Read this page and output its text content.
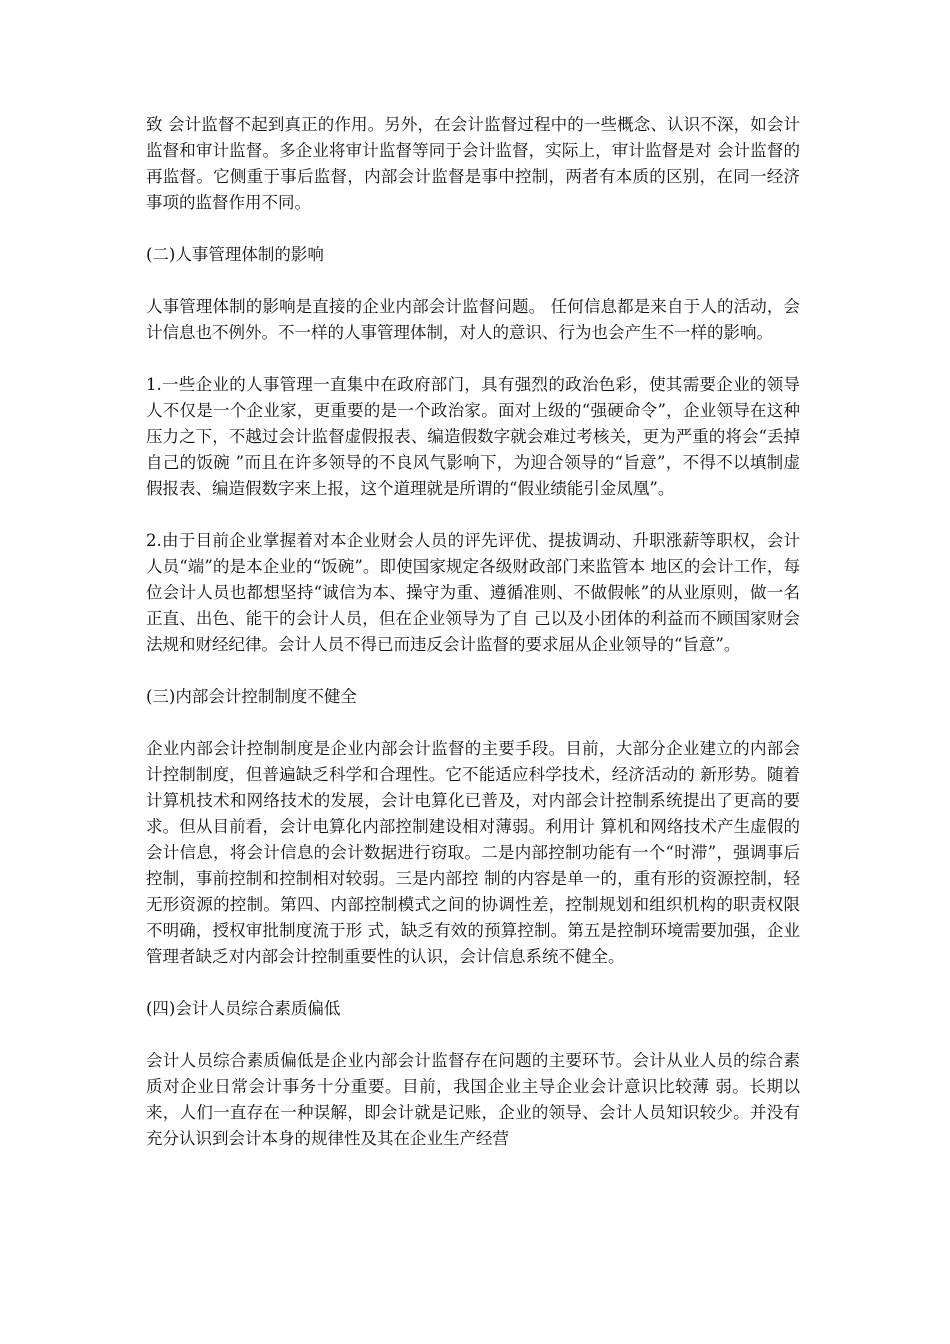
致 会计监督不起到真正的作用。另外，在会计监督过程中的一些概念、认识不深，如会计监督和审计监督。多企业将审计监督等同于会计监督，实际上，审计监督是对 会计监督的再监督。它侧重于事后监督，内部会计监督是事中控制，两者有本质的区别，在同一经济事项的监督作用不同。

(二)人事管理体制的影响

人事管理体制的影响是直接的企业内部会计监督问题。 任何信息都是来自于人的活动，会计信息也不例外。不一样的人事管理体制，对人的意识、行为也会产生不一样的影响。

1.一些企业的人事管理一直集中在政府部门，具有强烈的政治色彩，使其需要企业的领导人不仅是一个企业家，更重要的是一个政治家。面对上级的“强硬命令”，企业领导在这种压力之下，不越过会计监督虚假报表、编造假数字就会难过考核关，更为严重的将会“丢掉自己的饭碗 ”而且在许多领导的不良风气影响下，为迎合领导的“旨意”，不得不以填制虚假报表、编造假数字来上报，这个道理就是所谓的“假业绩能引金凤凰”。

2.由于目前企业掌握着对本企业财会人员的评先评优、提拔调动、升职涨薪等职权，会计人员“端”的是本企业的“饭碗”。即使国家规定各级财政部门来监管本 地区的会计工作，每位会计人员也都想坚持“诚信为本、操守为重、遵循准则、不做假帐”的从业原则，做一名正直、出色、能干的会计人员，但在企业领导为了自 己以及小团体的利益而不顾国家财会法规和财经纪律。会计人员不得已而违反会计监督的要求屈从企业领导的“旨意”。

(三)内部会计控制制度不健全

企业内部会计控制制度是企业内部会计监督的主要手段。目前，大部分企业建立的内部会计控制制度，但普遍缺乏科学和合理性。它不能适应科学技术，经济活动的 新形势。随着计算机技术和网络技术的发展，会计电算化已普及，对内部会计控制系统提出了更高的要求。但从目前看，会计电算化内部控制建设相对薄弱。利用计 算机和网络技术产生虚假的会计信息，将会计信息的会计数据进行窃取。二是内部控制功能有一个“时滞”，强调事后控制，事前控制和控制相对较弱。三是内部控 制的内容是单一的，重有形的资源控制，轻无形资源的控制。第四、内部控制模式之间的协调性差，控制规划和组织机构的职责权限不明确，授权审批制度流于形 式，缺乏有效的预算控制。第五是控制环境需要加强，企业管理者缺乏对内部会计控制重要性的认识，会计信息系统不健全。

(四)会计人员综合素质偏低

会计人员综合素质偏低是企业内部会计监督存在问题的主要环节。会计从业人员的综合素质对企业日常会计事务十分重要。目前，我国企业主导企业会计意识比较薄 弱。长期以来，人们一直存在一种误解，即会计就是记账，企业的领导、会计人员知识较少。并没有充分认识到会计本身的规律性及其在企业生产经营
